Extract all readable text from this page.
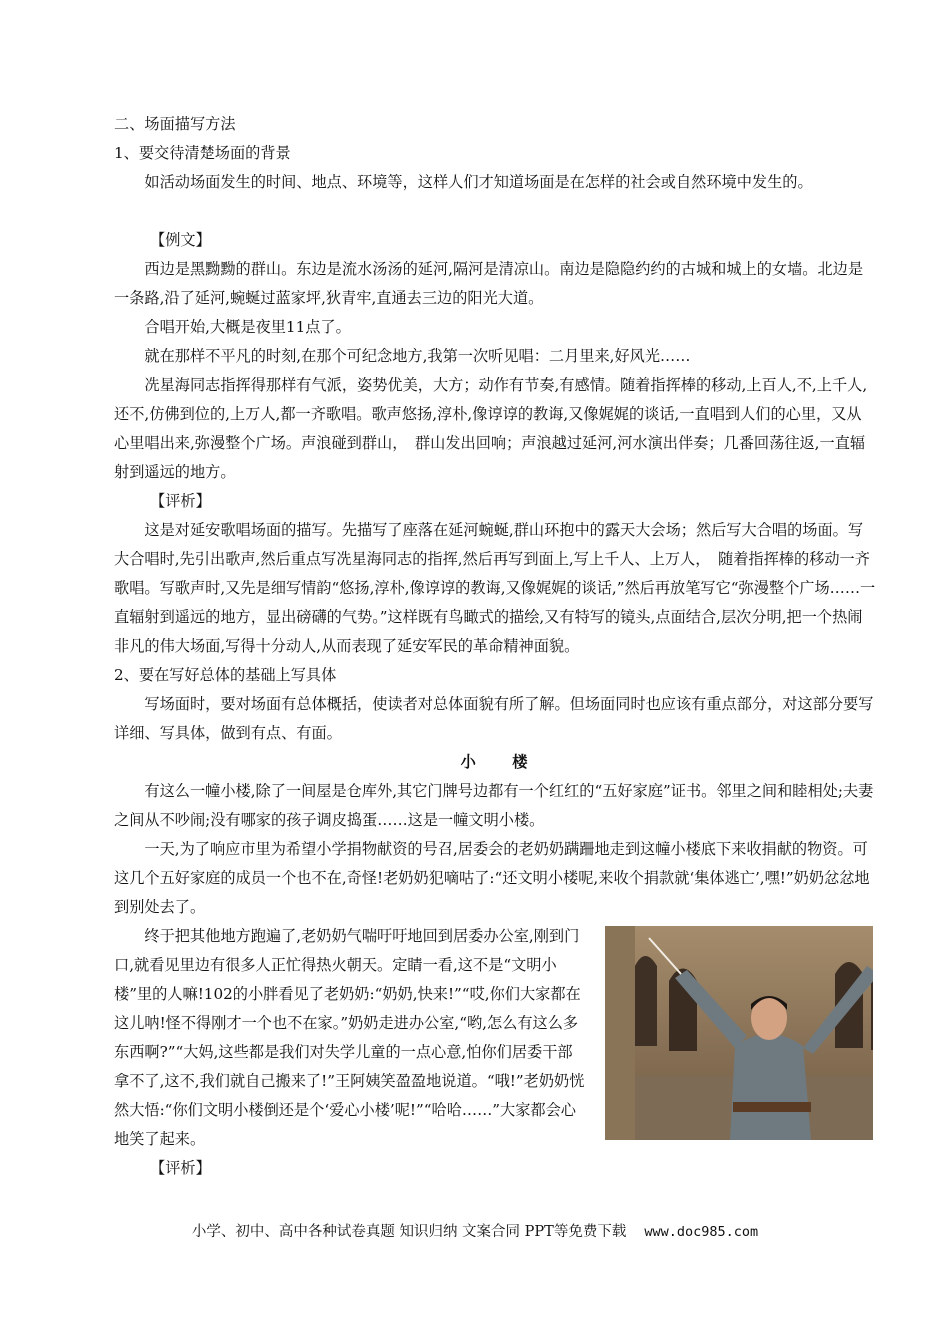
二、场面描写方法

1、要交待清楚场面的背景

如活动场面发生的时间、地点、环境等，这样人们才知道场面是在怎样的社会或自然环境中发生的。

【例文】

西边是黑黝黝的群山。东边是流水汤汤的延河,隔河是清凉山。南边是隐隐约约的古城和城上的女墙。北边是一条路,沿了延河,蜿蜒过蓝家坪,狄青牢,直通去三边的阳光大道。

合唱开始,大概是夜里11点了。

就在那样不平凡的时刻,在那个可纪念地方,我第一次听见唱：二月里来,好风光……

冼星海同志指挥得那样有气派，姿势优美，大方；动作有节奏,有感情。随着指挥棒的移动,上百人,不,上千人,还不,仿佛到位的,上万人,都一齐歌唱。歌声悠扬,淳朴,像谆谆的教诲,又像娓娓的谈话,一直唱到人们的心里，又从心里唱出来,弥漫整个广场。声浪碰到群山，　群山发出回响；声浪越过延河,河水演出伴奏；几番回荡往返,一直辐射到遥远的地方。

【评析】

这是对延安歌唱场面的描写。先描写了座落在延河蜿蜒,群山环抱中的露天大会场；然后写大合唱的场面。写大合唱时,先引出歌声,然后重点写冼星海同志的指挥,然后再写到面上,写上千人、上万人，　随着指挥棒的移动一齐歌唱。写歌声时,又先是细写情韵“悠扬,淳朴,像谆谆的教诲,又像娓娓的谈话,”然后再放笔写它“弥漫整个广场……一直辐射到遥远的地方，显出磅礴的气势。”这样既有鸟瞰式的描绘,又有特写的镜头,点面结合,层次分明,把一个热闹非凡的伟大场面,写得十分动人,从而表现了延安军民的革命精神面貌。

2、要在写好总体的基础上写具体

写场面时，要对场面有总体概括，使读者对总体面貌有所了解。但场面同时也应该有重点部分，对这部分要写详细、写具体，做到有点、有面。

小　　楼

有这么一幢小楼,除了一间屋是仓库外,其它门牌号边都有一个红红的“五好家庭”证书。邻里之间和睦相处;夫妻之间从不吵闹;没有哪家的孩子调皮捣蛋……这是一幢文明小楼。

一天,为了响应市里为希望小学捐物献资的号召,居委会的老奶奶蹒跚地走到这幢小楼底下来收捐献的物资。可这几个五好家庭的成员一个也不在,奇怪!老奶奶犯嘀咕了:“还文明小楼呢,来收个捐款就‘集体逃亡’,嘿!”奶奶忿忿地到别处去了。

终于把其他地方跑遍了,老奶奶气喘吁吁地回到居委办公室,刚到门口,就看见里边有很多人正忙得热火朝天。定睛一看,这不是“文明小楼”里的人嘛!102的小胖看见了老奶奶:“奶奶,快来!”“哎,你们大家都在这儿呐!怪不得刚才一个也不在家。”奶奶走进办公室,“哟,怎么有这么多东西啊?”“大妈,这些都是我们对失学儿童的一点心意,怕你们居委干部拿不了,这不,我们就自己搬来了!”王阿姨笑盈盈地说道。“哦!”老奶奶恍然大悟:“你们文明小楼倒还是个‘爱心小楼’呢!”“哈哈……”大家都会心地笑了起来。

【评析】

小学、初中、高中各种试卷真题 知识归纳 文案合同 PPT等免费下载 www.doc985.com
